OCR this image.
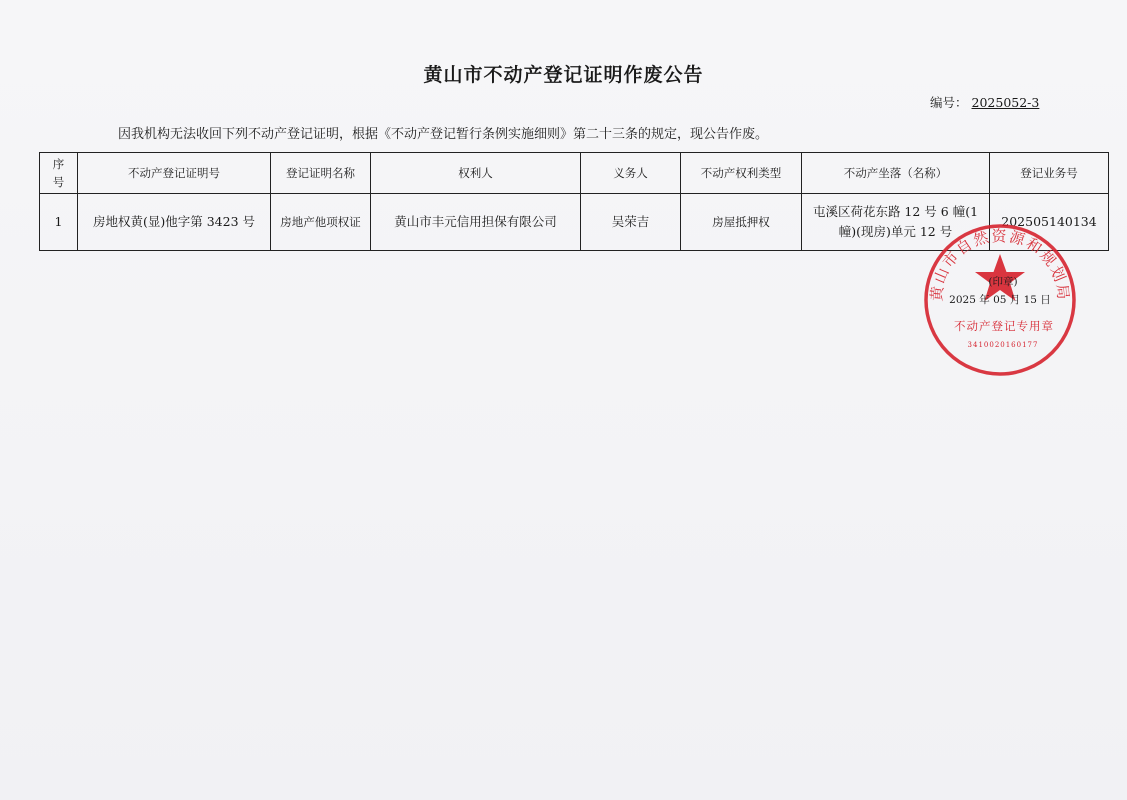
黄山市不动产登记证明作废公告
编号： 2025052-3
因我机构无法收回下列不动产登记证明，根据《不动产登记暂行条例实施细则》第二十三条的规定，现公告作废。
序
号	不动产登记证明号	登记证明名称	权利人	义务人	不动产权利类型	不动产坐落（名称）	登记业务号
1	房地权黄(显)他字第 3423 号	房地产他项权证	黄山市丰元信用担保有限公司	吴荣吉	房屋抵押权	屯溪区荷花东路 12 号 6 幢(1
幢)(现房)单元 12 号	202505140134
黄山市自然资源和规划局
(印章)
2025 年 05 月 15 日
不动产登记专用章
3410020160177
